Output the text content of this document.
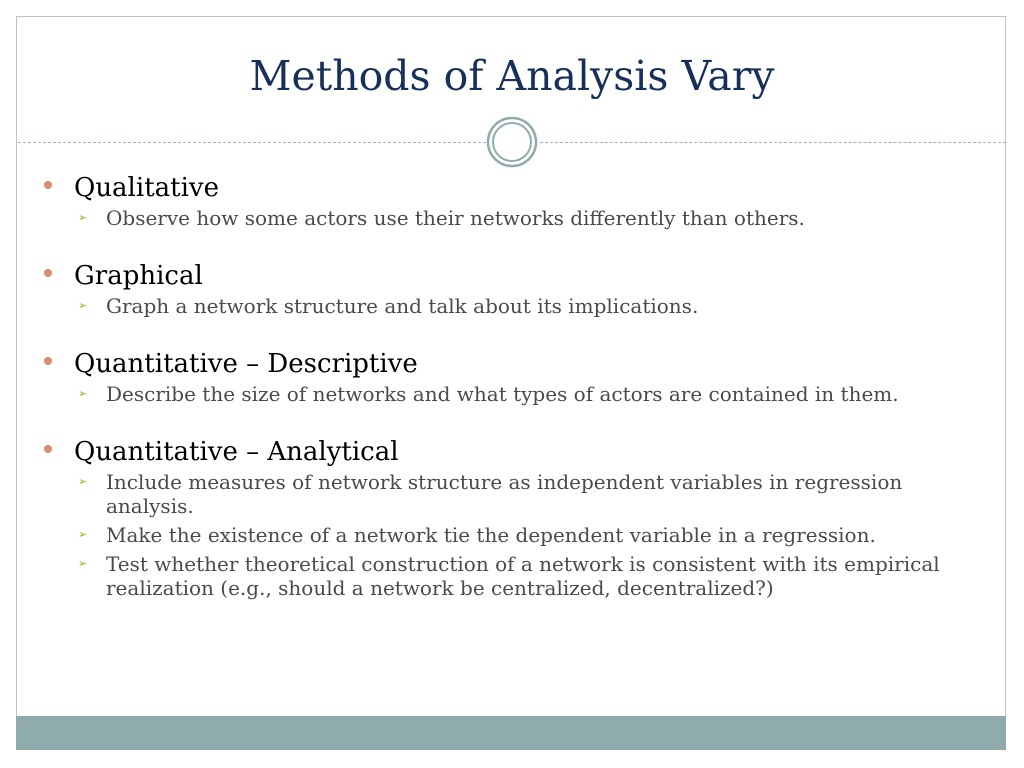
Methods of Analysis Vary
Qualitative
➢ Observe how some actors use their networks differently than others.
Graphical
➢ Graph a network structure and talk about its implications.
Quantitative – Descriptive
➢ Describe the size of networks and what types of actors are contained in them.
Quantitative – Analytical
➢ Include measures of network structure as independent variables in regression analysis.
➢ Make the existence of a network tie the dependent variable in a regression.
➢ Test whether theoretical construction of a network is consistent with its empirical realization (e.g., should a network be centralized, decentralized?)
